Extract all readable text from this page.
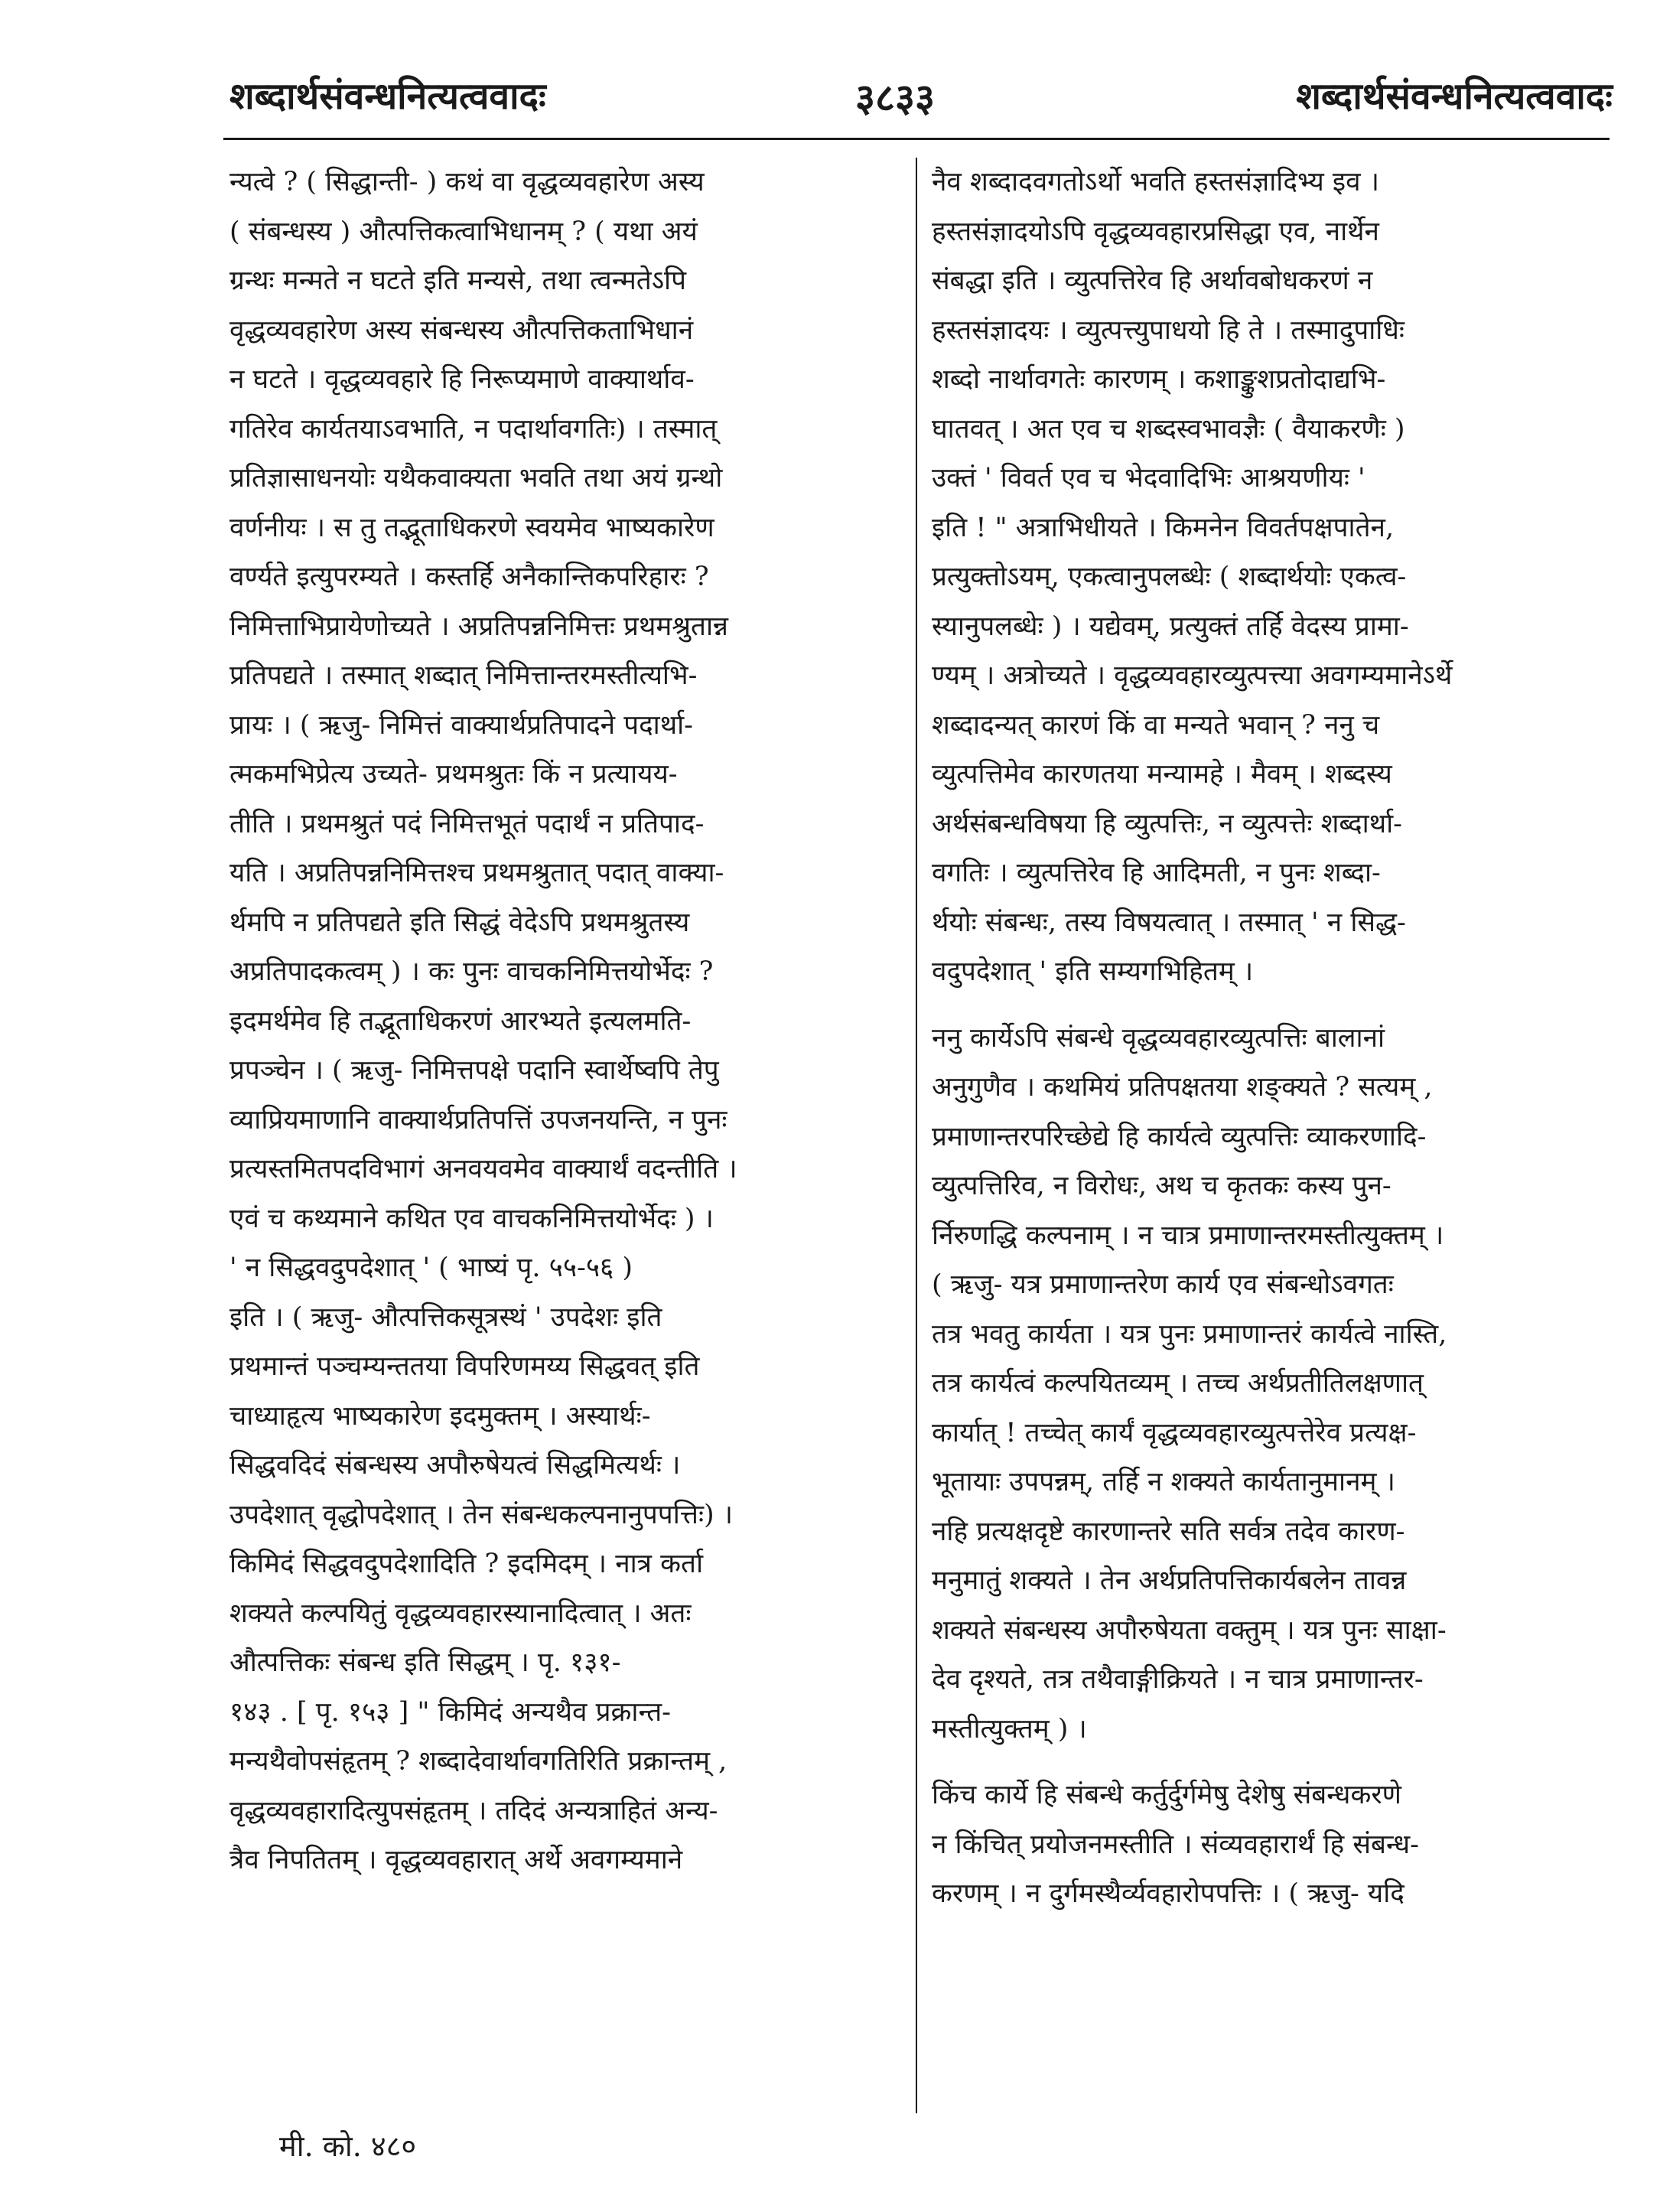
शब्दार्थसंवन्धनित्यत्ववादः	३८३३	शब्दार्थसंवन्धनित्यत्ववादः
न्यत्वे ? ( सिद्धान्ती- ) कथं वा वृद्धव्यवहारेण अस्य
( संबन्धस्य ) औत्पत्तिकत्वाभिधानम् ? ( यथा अयं
ग्रन्थः मन्मते न घटते इति मन्यसे, तथा त्वन्मतेऽपि
वृद्धव्यवहारेण अस्य संबन्धस्य औत्पत्तिकताभिधानं
न घटते । वृद्धव्यवहारे हि निरूप्यमाणे वाक्यार्थाव-
गतिरेव कार्यतयाऽवभाति, न पदार्थावगतिः) । तस्मात्
प्रतिज्ञासाधनयोः यथैकवाक्यता भवति तथा अयं ग्रन्थो
वर्णनीयः । स तु तद्भूताधिकरणे स्वयमेव भाष्यकारेण
वर्ण्यते इत्युपरम्यते । कस्तर्हि अनैकान्तिकपरिहारः ?
निमित्ताभिप्रायेणोच्यते । अप्रतिपन्ननिमित्तः प्रथमश्रुतान्न
प्रतिपद्यते । तस्मात् शब्दात् निमित्तान्तरमस्तीत्यभि-
प्रायः । ( ऋजु- निमित्तं वाक्यार्थप्रतिपादने पदार्था-
त्मकमभिप्रेत्य उच्यते- प्रथमश्रुतः किं न प्रत्यायय-
तीति । प्रथमश्रुतं पदं निमित्तभूतं पदार्थं न प्रतिपाद-
यति । अप्रतिपन्ननिमित्तश्च प्रथमश्रुतात् पदात् वाक्या-
र्थमपि न प्रतिपद्यते इति सिद्धं वेदेऽपि प्रथमश्रुतस्य
अप्रतिपादकत्वम् ) । कः पुनः वाचकनिमित्तयोर्भेदः ?
इदमर्थमेव हि तद्भूताधिकरणं आरभ्यते इत्यलमति-
प्रपञ्चेन । ( ऋजु- निमित्तपक्षे पदानि स्वार्थेष्वपि तेपु
व्याप्रियमाणानि वाक्यार्थप्रतिपत्तिं उपजनयन्ति, न पुनः
प्रत्यस्तमितपदविभागं अनवयवमेव वाक्यार्थं वदन्तीति ।
एवं च कथ्यमाने कथित एव वाचकनिमित्तयोर्भेदः ) ।
' न सिद्धवदुपदेशात् ' ( भाष्यं पृ. ५५-५६ )
इति । ( ऋजु- औत्पत्तिकसूत्रस्थं ' उपदेशः इति
प्रथमान्तं पञ्चम्यन्ततया विपरिणमय्य सिद्धवत् इति
चाध्याहृत्य भाष्यकारेण इदमुक्तम् । अस्यार्थः-
सिद्धवदिदं संबन्धस्य अपौरुषेयत्वं सिद्धमित्यर्थः ।
उपदेशात् वृद्धोपदेशात् । तेन संबन्धकल्पनानुपपत्तिः) ।
किमिदं सिद्धवदुपदेशादिति ? इदमिदम् । नात्र कर्ता
शक्यते कल्पयितुं वृद्धव्यवहारस्यानादित्वात् । अतः
औत्पत्तिकः संबन्ध इति सिद्धम् । पृ. १३१-
१४३ . [ पृ. १५३ ] " किमिदं अन्यथैव प्रक्रान्त-
मन्यथैवोपसंहृतम् ? शब्दादेवार्थावगतिरिति प्रक्रान्तम् ,
वृद्धव्यवहारादित्युपसंहृतम् । तदिदं अन्यत्राहितं अन्य-
त्रैव निपतितम् । वृद्धव्यवहारात् अर्थे अवगम्यमाने
नैव शब्दादवगतोऽर्थो भवति हस्तसंज्ञादिभ्य इव ।
हस्तसंज्ञादयोऽपि वृद्धव्यवहारप्रसिद्धा एव, नार्थेन
संबद्धा इति । व्युत्पत्तिरेव हि अर्थावबोधकरणं न
हस्तसंज्ञादयः । व्युत्पत्त्युपाधयो हि ते । तस्मादुपाधिः
शब्दो नार्थावगतेः कारणम् । कशाङ्कुशप्रतोदाद्यभि-
घातवत् । अत एव च शब्दस्वभावज्ञैः ( वैयाकरणैः )
उक्तं ' विवर्त एव च भेदवादिभिः आश्रयणीयः '
इति ! " अत्राभिधीयते । किमनेन विवर्तपक्षपातेन,
प्रत्युक्तोऽयम्, एकत्वानुपलब्धेः ( शब्दार्थयोः एकत्व-
स्यानुपलब्धेः ) । यद्येवम्, प्रत्युक्तं तर्हि वेदस्य प्रामा-
ण्यम् । अत्रोच्यते । वृद्धव्यवहारव्युत्पत्त्या अवगम्यमानेऽर्थे
शब्दादन्यत् कारणं किं वा मन्यते भवान् ? ननु च
व्युत्पत्तिमेव कारणतया मन्यामहे । मैवम् । शब्दस्य
अर्थसंबन्धविषया हि व्युत्पत्तिः, न व्युत्पत्तेः शब्दार्था-
वगतिः । व्युत्पत्तिरेव हि आदिमती, न पुनः शब्दा-
र्थयोः संबन्धः, तस्य विषयत्वात् । तस्मात् ' न सिद्ध-
वदुपदेशात् ' इति सम्यगभिहितम् ।
ननु कार्येऽपि संबन्धे वृद्धव्यवहारव्युत्पत्तिः बालानां
अनुगुणैव । कथमियं प्रतिपक्षतया शङ्क्यते ? सत्यम् ,
प्रमाणान्तरपरिच्छेद्ये हि कार्यत्वे व्युत्पत्तिः व्याकरणादि-
व्युत्पत्तिरिव, न विरोधः, अथ च कृतकः कस्य पुन-
र्निरुणद्धि कल्पनाम् । न चात्र प्रमाणान्तरमस्तीत्युक्तम् ।
( ऋजु- यत्र प्रमाणान्तरेण कार्य एव संबन्धोऽवगतः
तत्र भवतु कार्यता । यत्र पुनः प्रमाणान्तरं कार्यत्वे नास्ति,
तत्र कार्यत्वं कल्पयितव्यम् । तच्च अर्थप्रतीतिलक्षणात्
कार्यात् ! तच्चेत् कार्यं वृद्धव्यवहारव्युत्पत्तेरेव प्रत्यक्ष-
भूतायाः उपपन्नम्, तर्हि न शक्यते कार्यतानुमानम् ।
नहि प्रत्यक्षदृष्टे कारणान्तरे सति सर्वत्र तदेव कारण-
मनुमातुं शक्यते । तेन अर्थप्रतिपत्तिकार्यबलेन तावन्न
शक्यते संबन्धस्य अपौरुषेयता वक्तुम् । यत्र पुनः साक्षा-
देव दृश्यते, तत्र तथैवाङ्गीक्रियते । न चात्र प्रमाणान्तर-
मस्तीत्युक्तम् ) ।
किंच कार्ये हि संबन्धे कर्तुर्दुर्गमेषु देशेषु संबन्धकरणे
न किंचित् प्रयोजनमस्तीति । संव्यवहारार्थं हि संबन्ध-
करणम् । न दुर्गमस्थैर्व्यवहारोपपत्तिः । ( ऋजु- यदि
मी. को. ४८०
